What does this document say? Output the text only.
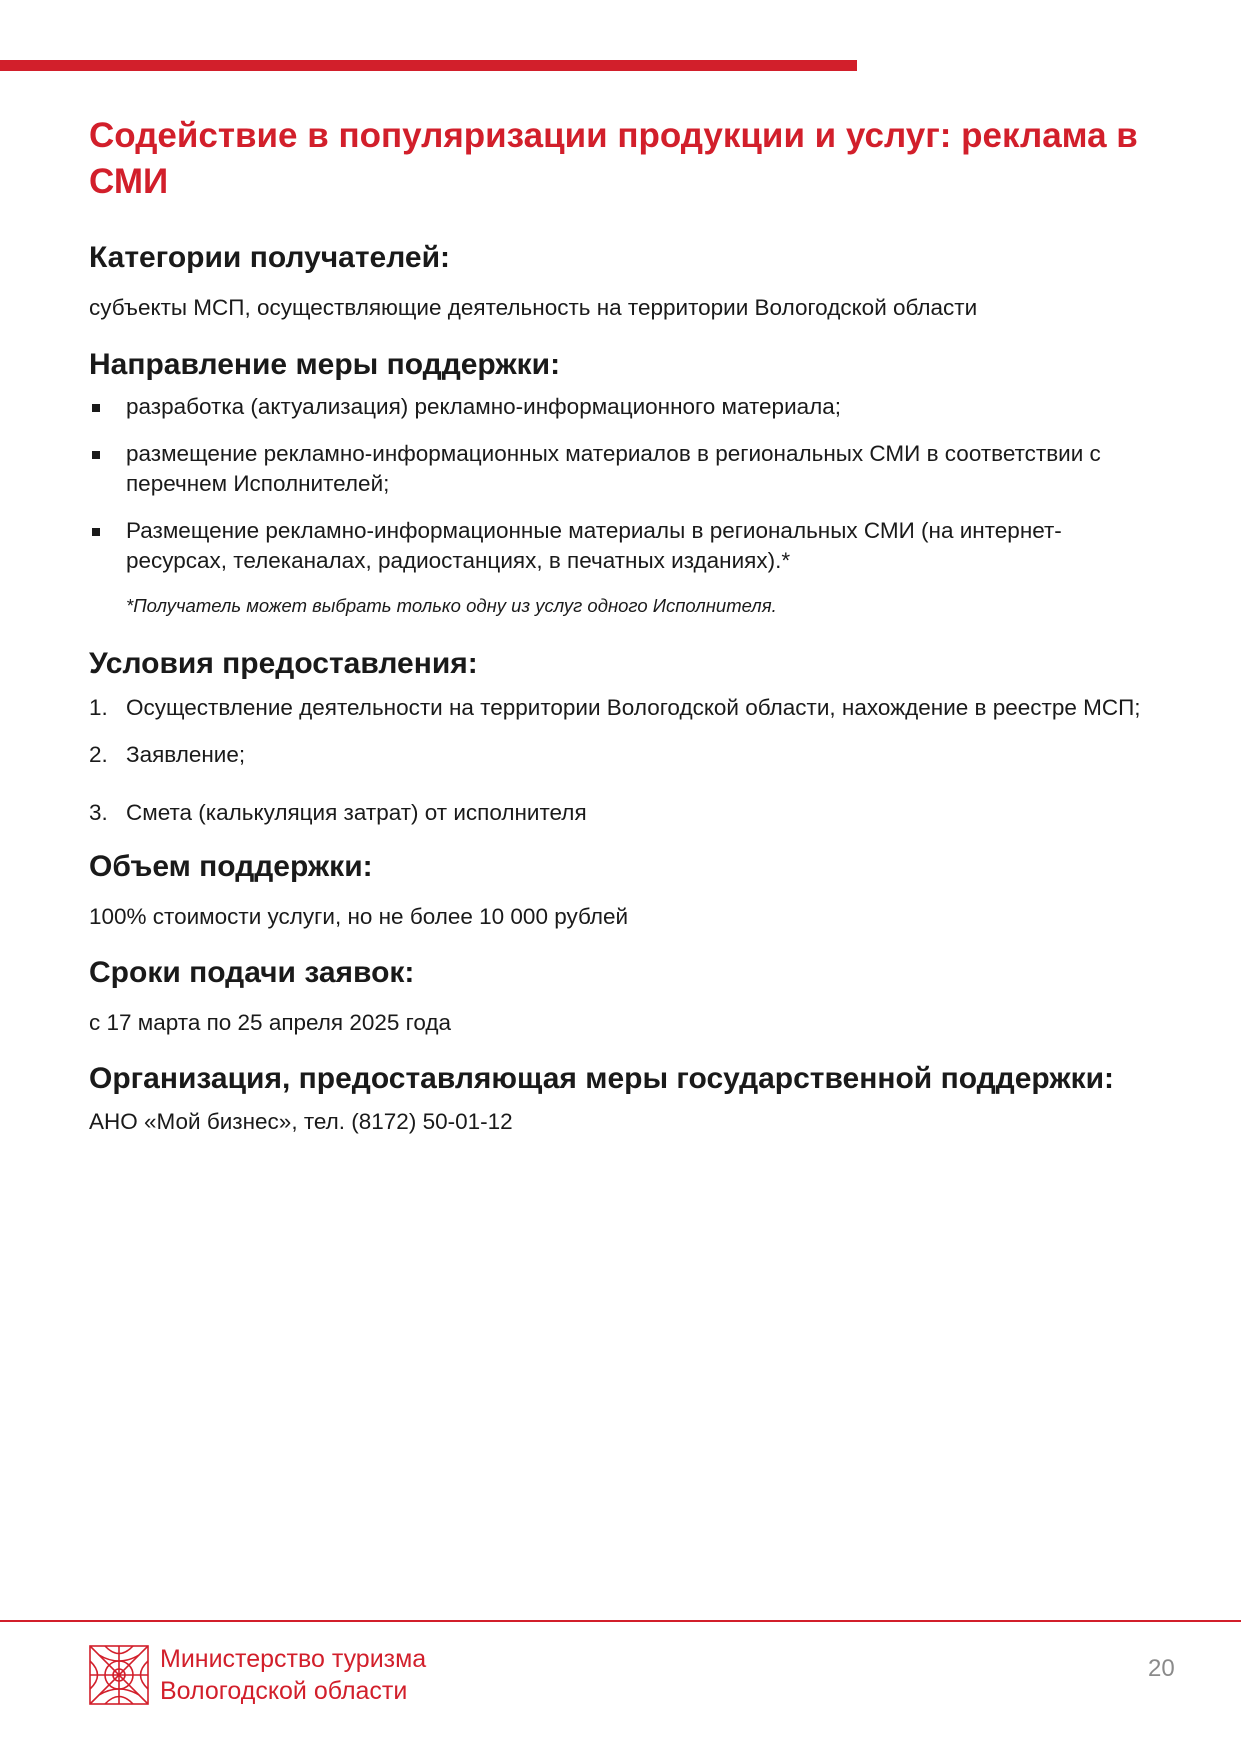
Содействие в популяризации продукции и услуг: реклама в СМИ
Категории получателей:

субъекты МСП, осуществляющие деятельность на территории Вологодской области

Направление меры поддержки:
разработка (актуализация) рекламно-информационного материала;
размещение рекламно-информационных материалов в региональных СМИ в соответствии с перечнем Исполнителей;
Размещение рекламно-информационные материалы в региональных СМИ (на интернет-ресурсах, телеканалах, радиостанциях, в печатных изданиях).*

*Получатель может выбрать только одну из услуг одного Исполнителя.

Условия предоставления:
1. Осуществление деятельности на территории Вологодской области, нахождение в реестре МСП;
2. Заявление;
3. Смета (калькуляция затрат) от исполнителя
Объем поддержки:

100% стоимости услуги, но не более 10 000 рублей

Сроки подачи заявок:

с 17 марта по 25 апреля 2025 года

Организация, предоставляющая меры государственной поддержки: АНО «Мой бизнес», тел. (8172) 50-01-12
Министерство туризма
Вологодской области
20
